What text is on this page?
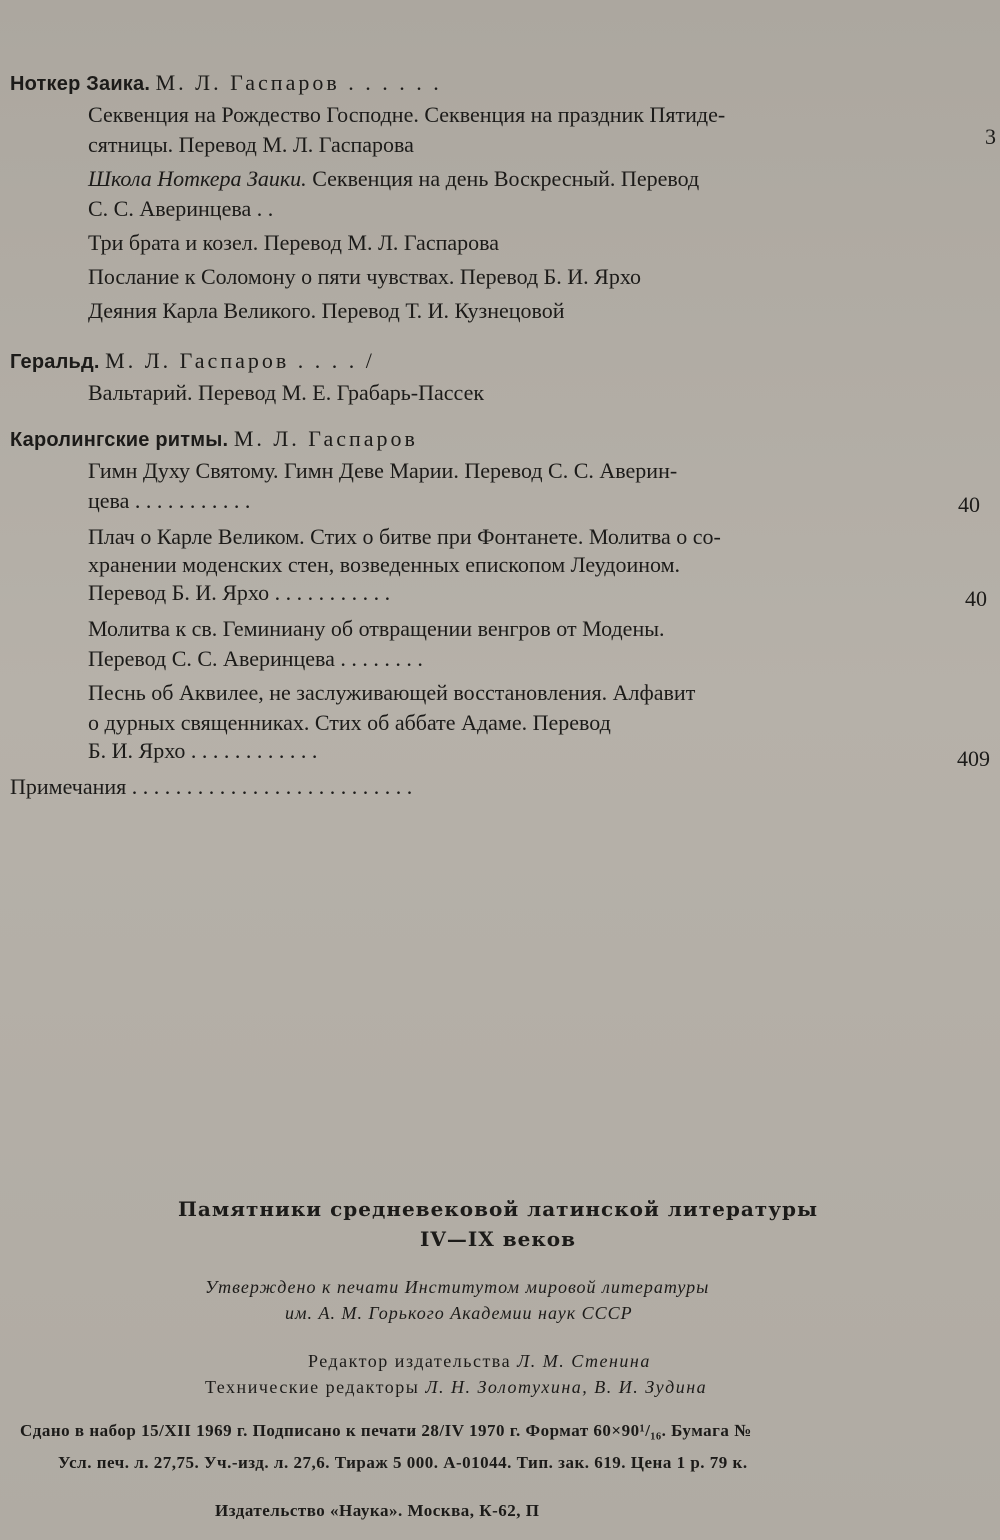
Ноткер Заика. М. Л. Гаспаров . . . . . .
Секвенция на Рождество Господне. Секвенция на праздник Пятиде-
сятницы. Перевод М. Л. Гаспарова	3
Школа Ноткера Заики. Секвенция на день Воскресный. Перевод
С. С. Аверинцева . .
Три брата и козел. Перевод М. Л. Гаспарова
Послание к Соломону о пяти чувствах. Перевод Б. И. Ярхо
Деяния Карла Великого. Перевод Т. И. Кузнецовой
Геральд. М. Л. Гаспаров . . . . /
Вальтарий. Перевод М. Е. Грабарь-Пассек
Каролингские ритмы. М. Л. Гаспаров
Гимн Духу Святому. Гимн Деве Марии. Перевод С. С. Аверин-
цева . . . . . . . . . . .	40
Плач о Карле Великом. Стих о битве при Фонтанете. Молитва о со-
хранении моденских стен, возведенных епископом Леудоином.
Перевод Б. И. Ярхо . . . . . . . . . . .	40
Молитва к св. Геминиану об отвращении венгров от Модены.
Перевод С. С. Аверинцева . . . . . . . .
Песнь об Аквилее, не заслуживающей восстановления. Алфавит
о дурных священниках. Стих об аббате Адаме. Перевод
Б. И. Ярхо . . . . . . . . . . . .	409
Примечания . . . . . . . . . . . . . . . . . . . . . . . . . .
Памятники средневековой латинской литературы
IV—IX веков
Утверждено к печати Институтом мировой литературы
им. А. М. Горького Академии наук СССР
Редактор издательства Л. М. Стенина
Технические редакторы Л. Н. Золотухина, В. И. Зудина
Сдано в набор 15/XII 1969 г. Подписано к печати 28/IV 1970 г. Формат 60×90¹/₁₆. Бумага №
Усл. печ. л. 27,75. Уч.-изд. л. 27,6. Тираж 5 000. А-01044. Тип. зак. 619. Цена 1 р. 79 к.
Издательство «Наука». Москва, К-62, П
